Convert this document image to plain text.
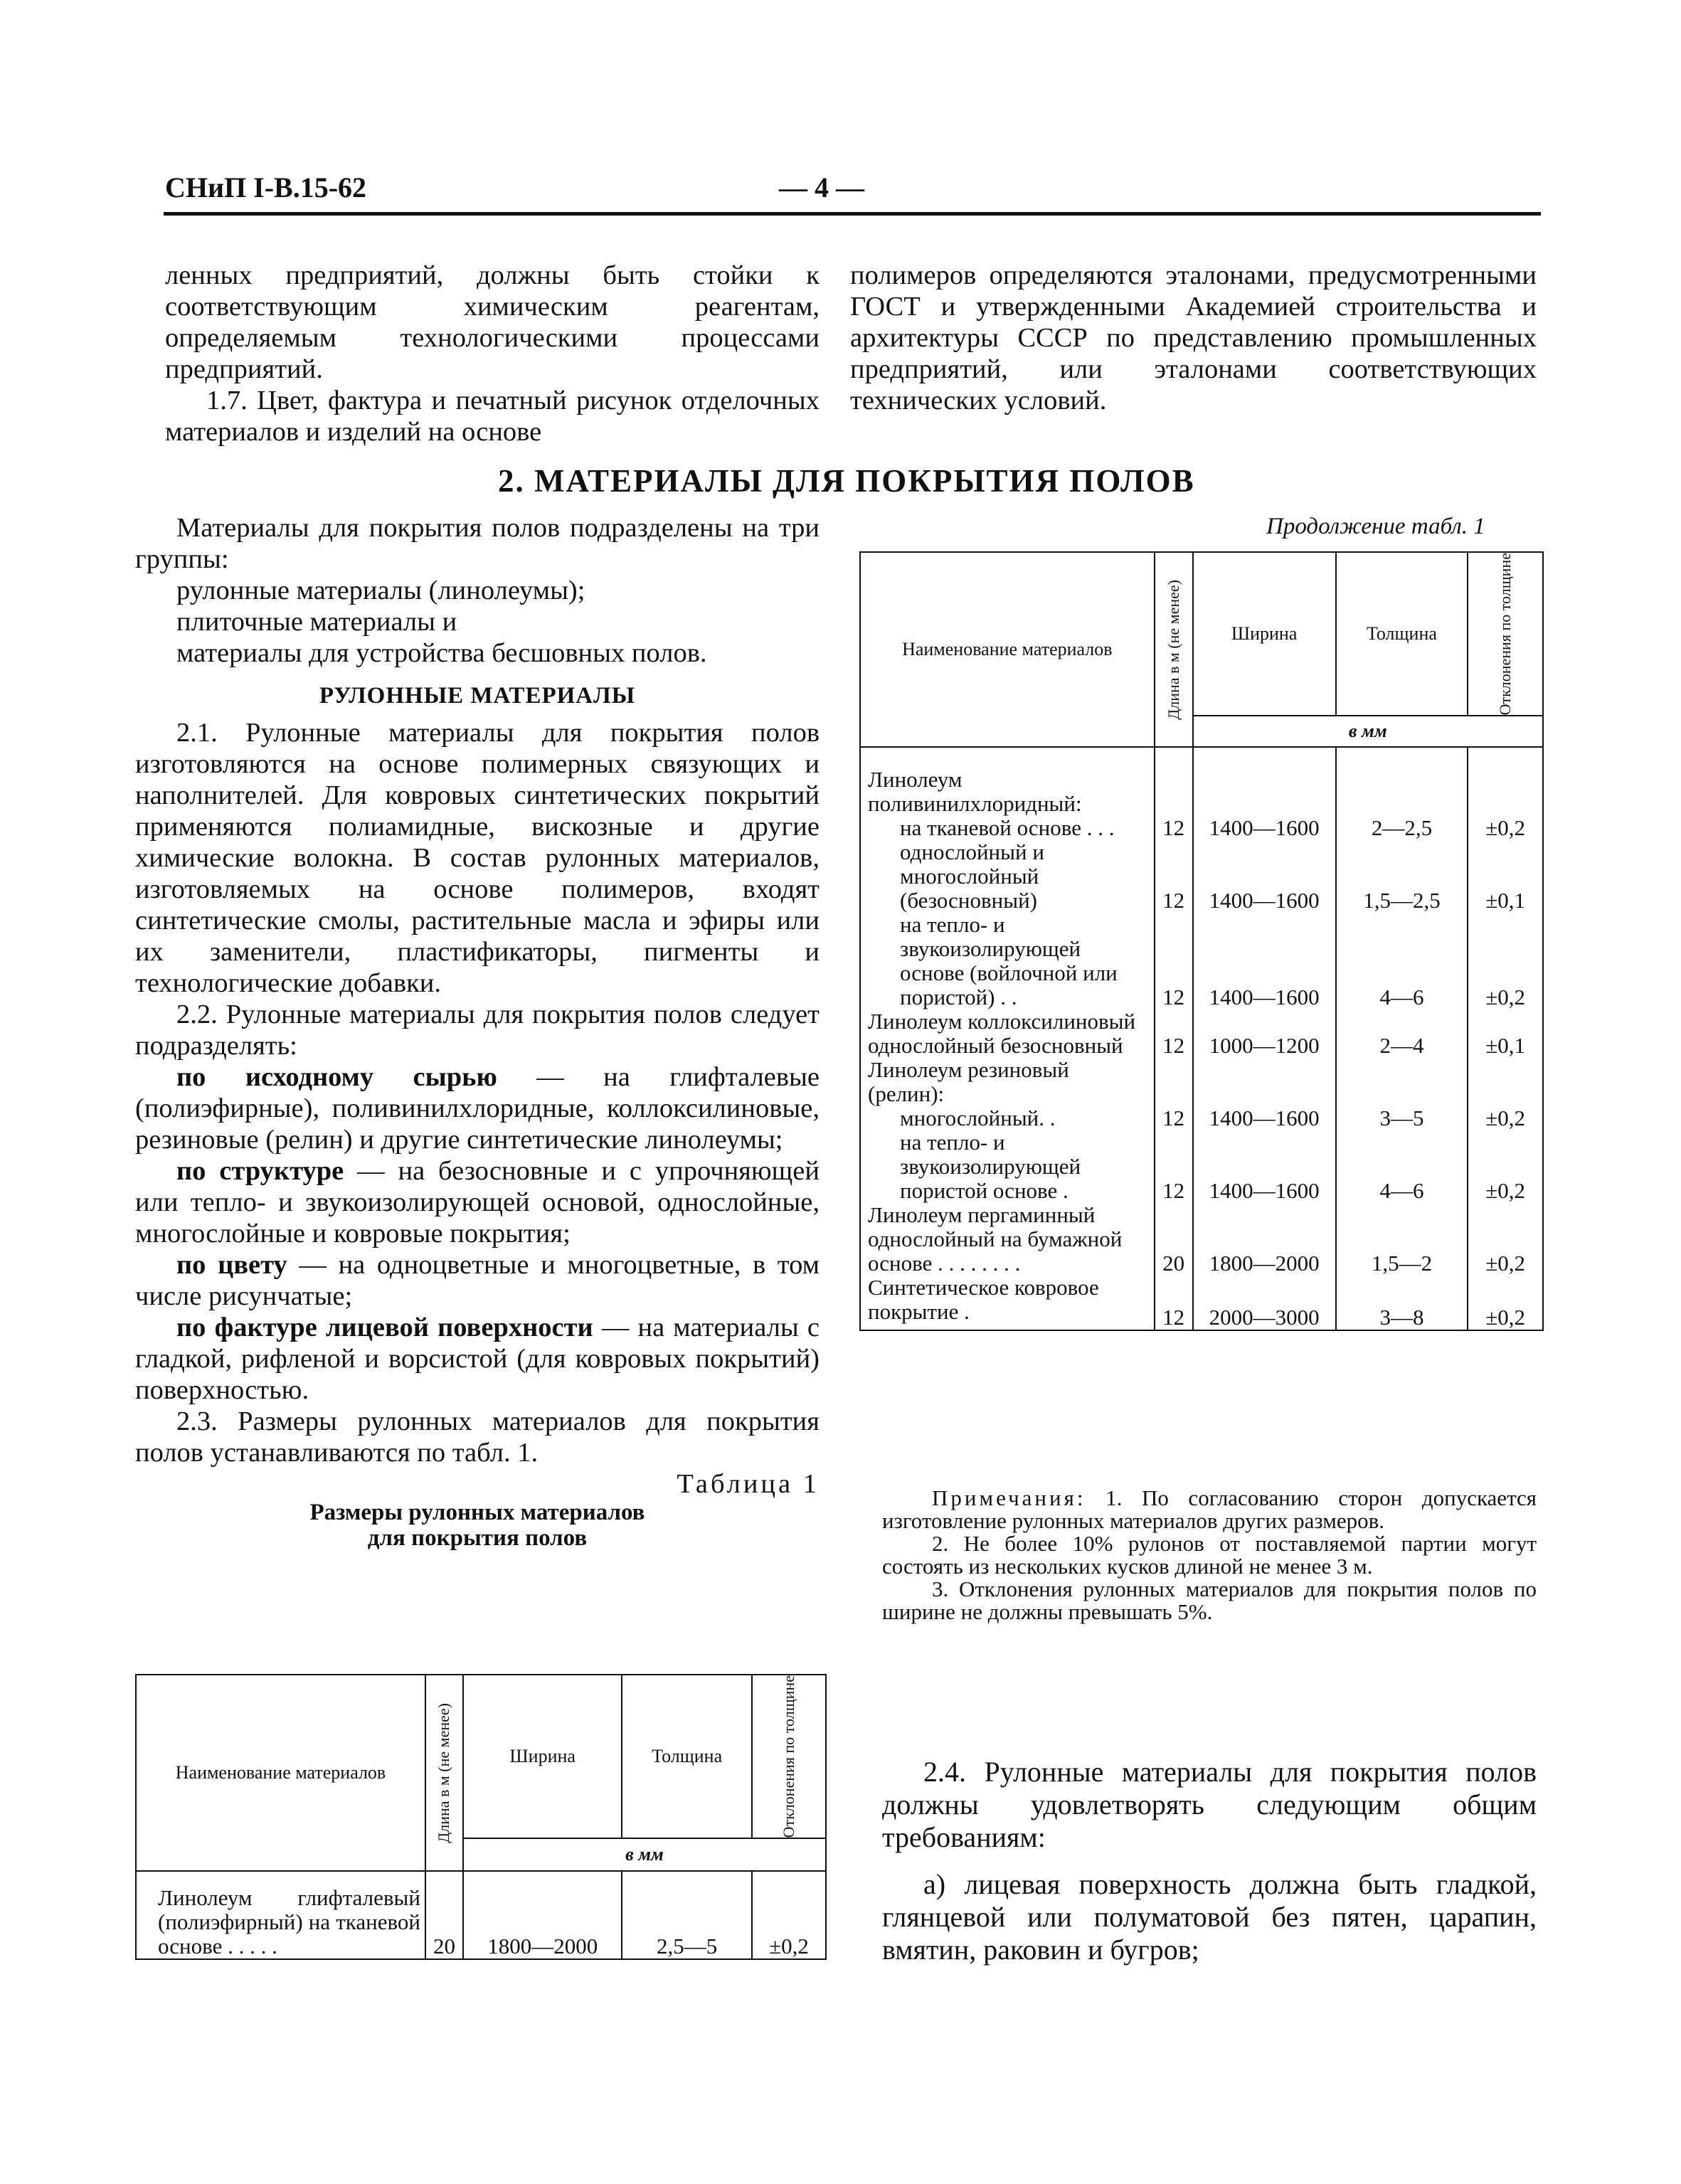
СНиП I-В.15-62	— 4 —

ленных предприятий, должны быть стойки к соответствующим химическим реагентам, определяемым технологическими процессами предприятий.

1.7. Цвет, фактура и печатный рисунок отделочных материалов и изделий на основе

полимеров определяются эталонами, предусмотренными ГОСТ и утвержденными Академией строительства и архитектуры СССР по представлению промышленных предприятий, или эталонами соответствующих технических условий.

2. МАТЕРИАЛЫ ДЛЯ ПОКРЫТИЯ ПОЛОВ

Материалы для покрытия полов подразделены на три группы:

рулонные материалы (линолеумы);

плиточные материалы и

материалы для устройства бесшовных полов.

РУЛОННЫЕ МАТЕРИАЛЫ

2.1. Рулонные материалы для покрытия полов изготовляются на основе полимерных связующих и наполнителей. Для ковровых синтетических покрытий применяются полиамидные, вискозные и другие химические волокна. В состав рулонных материалов, изготовляемых на основе полимеров, входят синтетические смолы, растительные масла и эфиры или их заменители, пластификаторы, пигменты и технологические добавки.

2.2. Рулонные материалы для покрытия полов следует подразделять:

по исходному сырью — на глифталевые (полиэфирные), поливинилхлоридные, коллоксилиновые, резиновые (релин) и другие синтетические линолеумы;

по структуре — на безосновные и с упрочняющей или тепло- и звукоизолирующей основой, однослойные, многослойные и ковровые покрытия;

по цвету — на одноцветные и многоцветные, в том числе рисунчатые;

по фактуре лицевой поверхности — на материалы с гладкой, рифленой и ворсистой (для ковровых покрытий) поверхностью.

2.3. Размеры рулонных материалов для покрытия полов устанавливаются по табл. 1.

Таблица 1

Размеры рулонных материалов

для покрытия полов

Наименование материалов	Длина в м (не менее)	Ширина	Толщина	Отклонения по толщине

		в мм		
Линолеум глифталевый (полиэфирный) на тканевой основе . . . . .	20	1800—2000	2,5—5	±0,2
Продолжение табл. 1
Наименование материалов	Длина в м (не менее)	Ширина	Толщина	Отклонения по толщине

		в мм		
Линолеум поливинилхлоридный:				
на тканевой основе . . .	12	1400—1600	2—2,5	±0,2
однослойный и многослойный (безосновный)	12	1400—1600	1,5—2,5	±0,1
на тепло- и звукоизолирующей основе (войлочной или пористой) . .	12	1400—1600	4—6	±0,2
Линолеум коллоксилиновый однослойный безосновный	12	1000—1200	2—4	±0,1
Линолеум резиновый (релин):				
многослойный. .	12	1400—1600	3—5	±0,2
на тепло- и звукоизолирующей пористой основе .	12	1400—1600	4—6	±0,2
Линолеум пергаминный однослойный на бумажной основе . . . . . . . .	20	1800—2000	1,5—2	±0,2
Синтетическое ковровое покрытие .	12	2000—3000	3—8	±0,2

Примечания: 1. По согласованию сторон допускается изготовление рулонных материалов других размеров.

2. Не более 10% рулонов от поставляемой партии могут состоять из нескольких кусков длиной не менее 3 м.

3. Отклонения рулонных материалов для покрытия полов по ширине не должны превышать 5%.

2.4. Рулонные материалы для покрытия полов должны удовлетворять следующим общим требованиям:

а) лицевая поверхность должна быть гладкой, глянцевой или полуматовой без пятен, царапин, вмятин, раковин и бугров;
